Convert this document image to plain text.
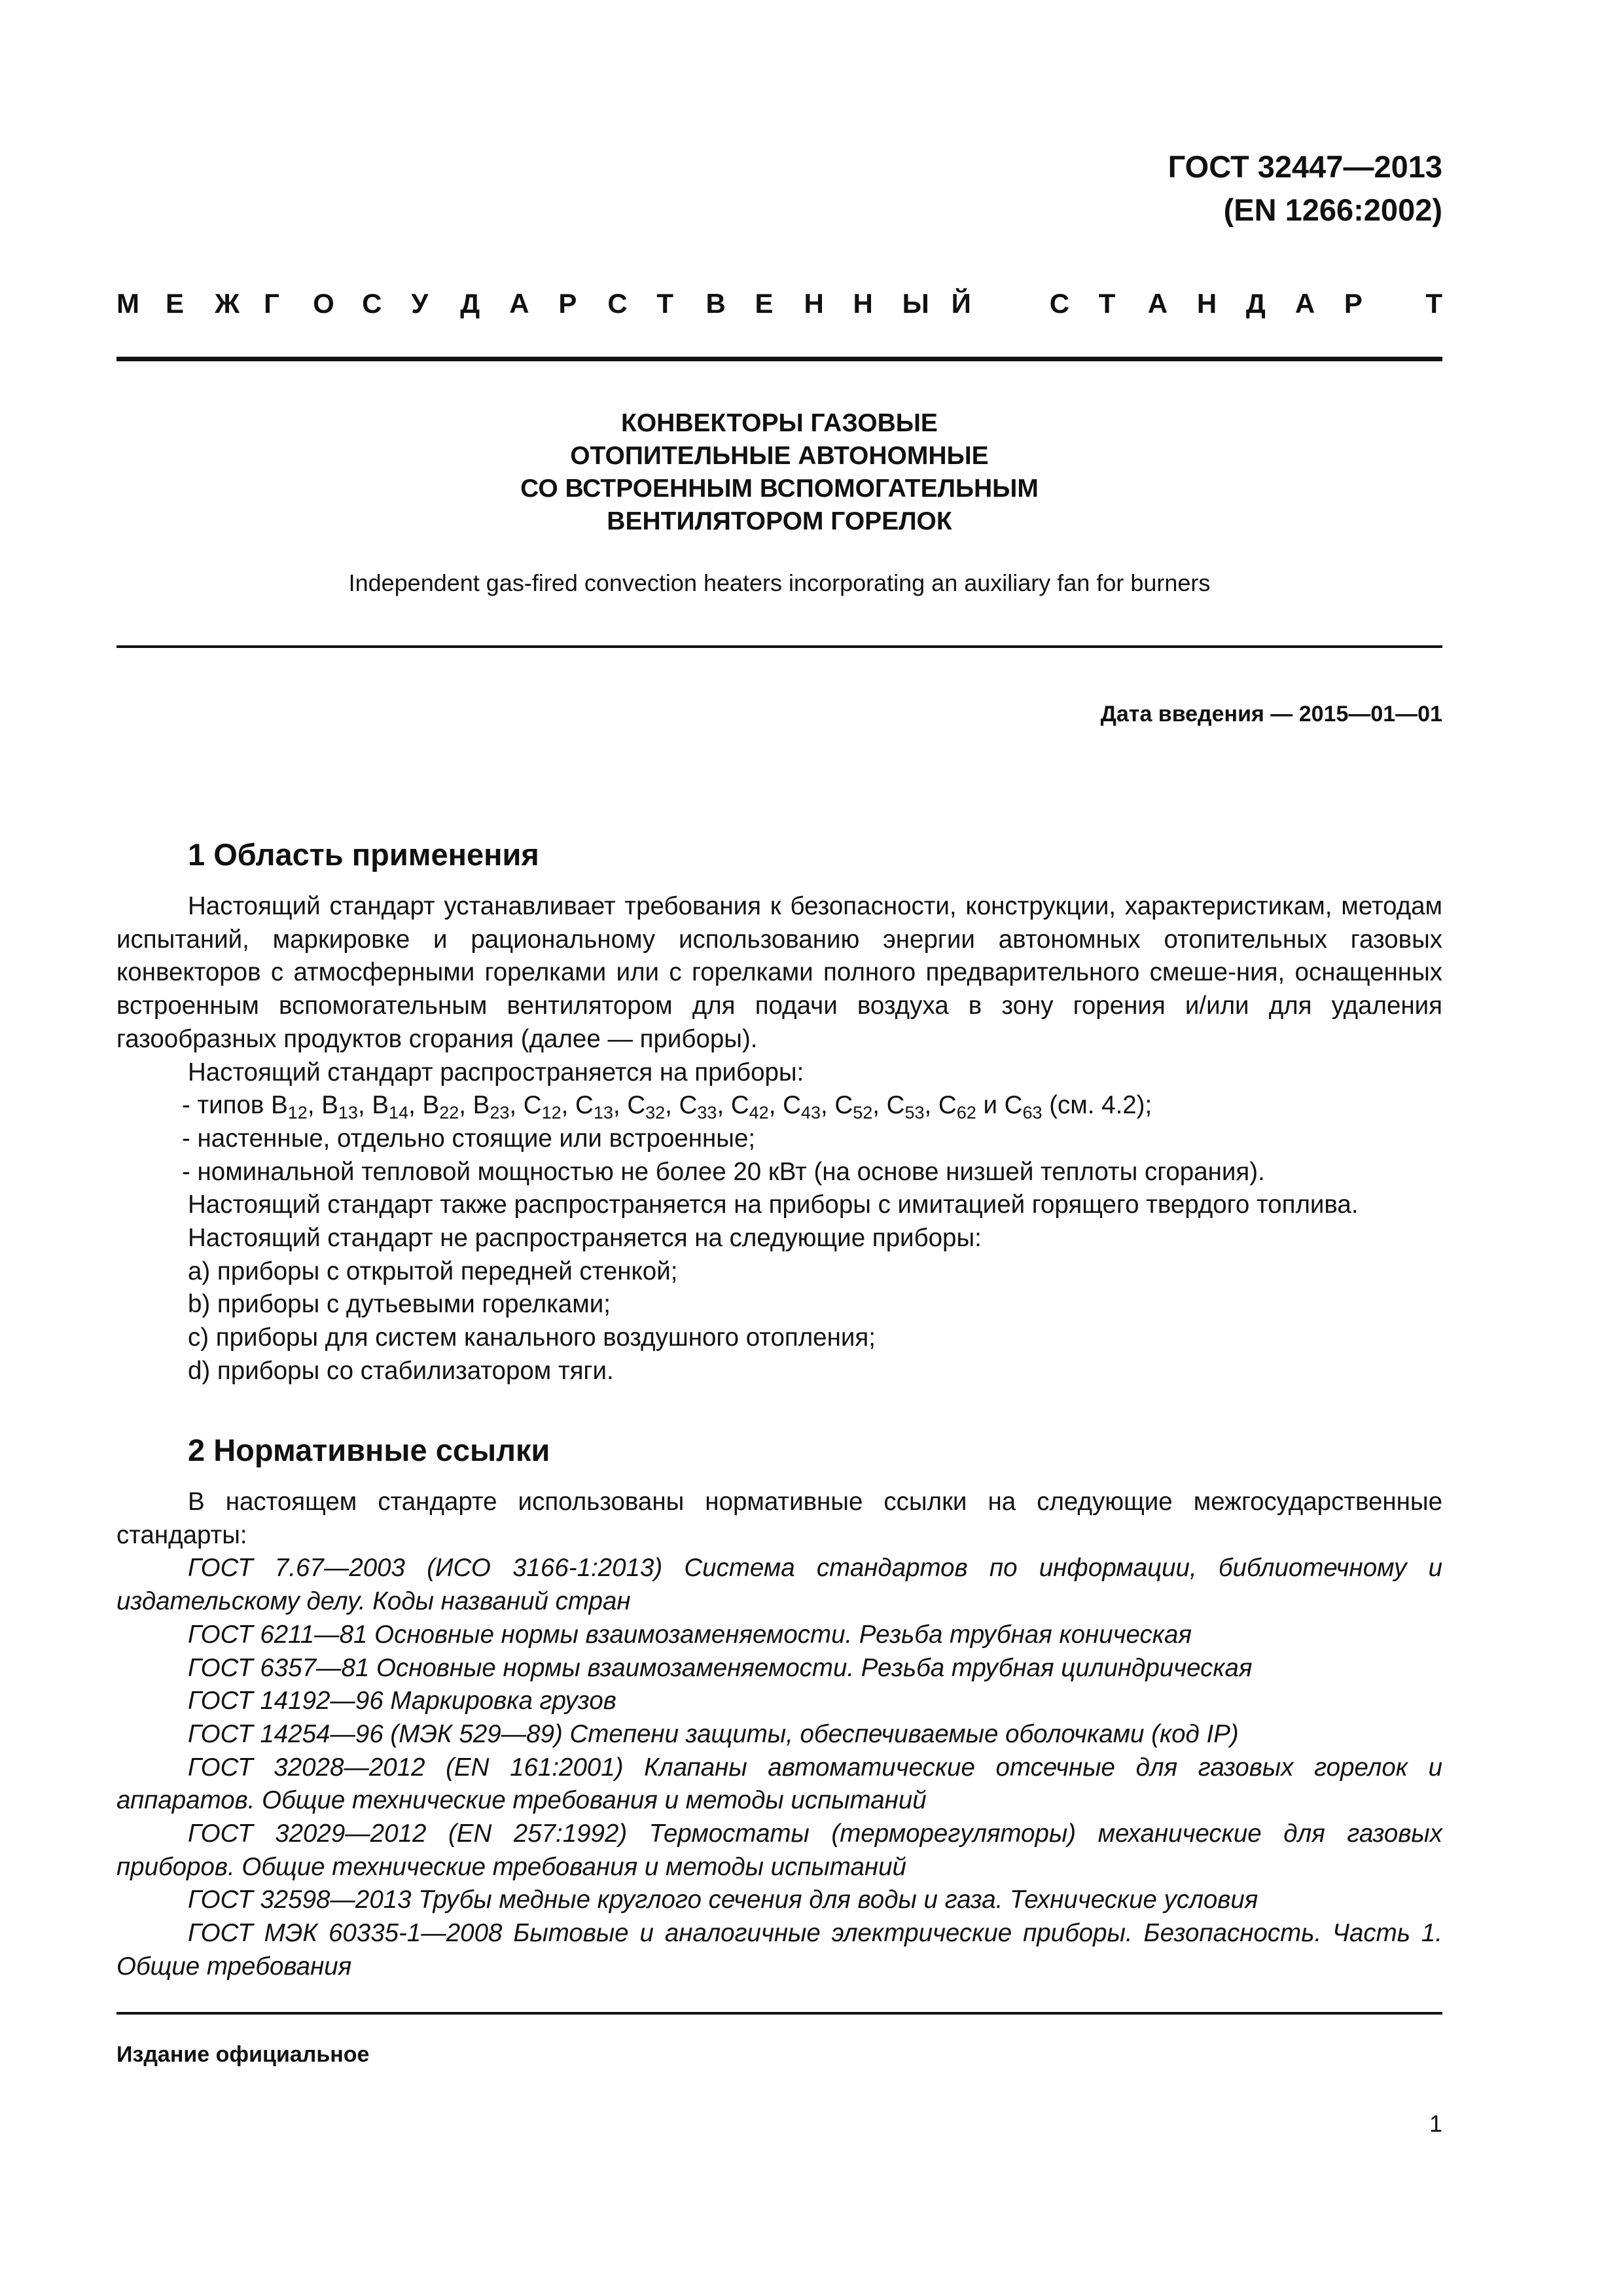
ГОСТ 32447—2013
(EN 1266:2002)
М Е Ж Г О С У Д А Р С Т В Е Н Н Ы Й	С Т А Н Д А Р Т
КОНВЕКТОРЫ ГАЗОВЫЕ
ОТОПИТЕЛЬНЫЕ АВТОНОМНЫЕ
СО ВСТРОЕННЫМ ВСПОМОГАТЕЛЬНЫМ
ВЕНТИЛЯТОРОМ ГОРЕЛОК
Independent gas-fired convection heaters incorporating an auxiliary fan for burners
Дата введения — 2015—01—01
1 Область применения

Настоящий стандарт устанавливает требования к безопасности, конструкции, характеристикам, методам испытаний, маркировке и рациональному использованию энергии автономных отопительных газовых конвекторов с атмосферными горелками или с горелками полного предварительного смеше-ния, оснащенных встроенным вспомогательным вентилятором для подачи воздуха в зону горения и/или для удаления газообразных продуктов сгорания (далее — приборы).

Настоящий стандарт распространяется на приборы:

- типов $B_{12}$, $B_{13}$, $B_{14}$, $B_{22}$, $B_{23}$, $C_{12}$, $C_{13}$, $C_{32}$, $C_{33}$, $C_{42}$, $C_{43}$, $C_{52}$, $C_{53}$, $C_{62}$ и $C_{63}$ (см. 4.2);

- настенные, отдельно стоящие или встроенные;

- номинальной тепловой мощностью не более 20 кВт (на основе низшей теплоты сгорания).

Настоящий стандарт также распространяется на приборы с имитацией горящего твердого топлива.

Настоящий стандарт не распространяется на следующие приборы:

a) приборы с открытой передней стенкой;

b) приборы с дутьевыми горелками;

c) приборы для систем канального воздушного отопления;

d) приборы со стабилизатором тяги.

2 Нормативные ссылки

В настоящем стандарте использованы нормативные ссылки на следующие межгосударственные стандарты:

ГОСТ 7.67—2003 (ИСО 3166-1:2013) Система стандартов по информации, библиотечному и издательскому делу. Коды названий стран

ГОСТ 6211—81 Основные нормы взаимозаменяемости. Резьба трубная коническая

ГОСТ 6357—81 Основные нормы взаимозаменяемости. Резьба трубная цилиндрическая

ГОСТ 14192—96 Маркировка грузов

ГОСТ 14254—96 (МЭК 529—89) Степени защиты, обеспечиваемые оболочками (код IP)

ГОСТ 32028—2012 (EN 161:2001) Клапаны автоматические отсечные для газовых горелок и аппаратов. Общие технические требования и методы испытаний

ГОСТ 32029—2012 (EN 257:1992) Термостаты (терморегуляторы) механические для газовых приборов. Общие технические требования и методы испытаний

ГОСТ 32598—2013 Трубы медные круглого сечения для воды и газа. Технические условия

ГОСТ МЭК 60335-1—2008 Бытовые и аналогичные электрические приборы. Безопасность. Часть 1. Общие требования

Издание официальное
1
